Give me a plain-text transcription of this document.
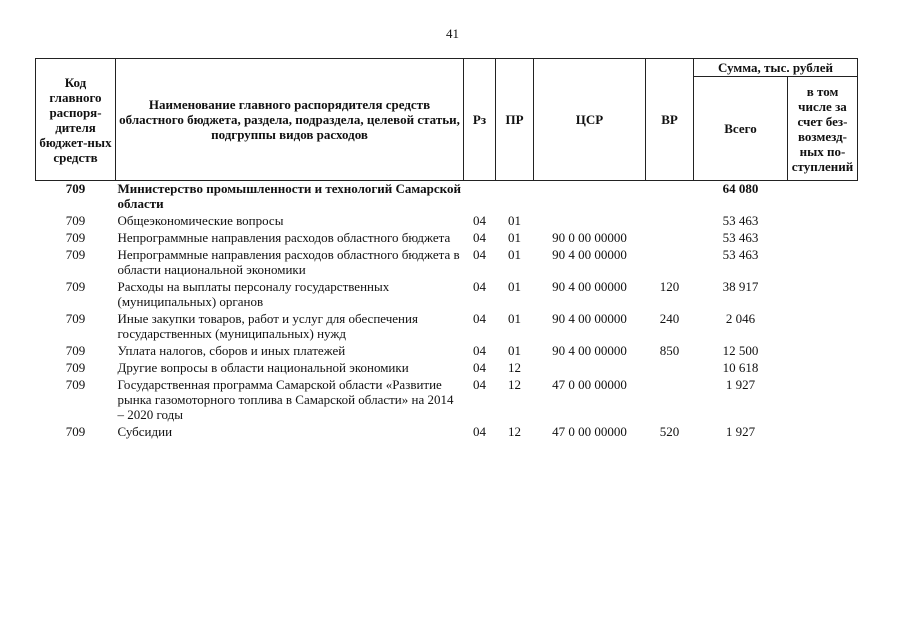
41
Код главного распоря-дителя бюджет-ных средств	Наименование главного распорядителя средств областного бюджета, раздела, подраздела, целевой статьи, подгруппы видов расходов	Рз	ПР	ЦСР	ВР	Сумма, тыс. рублей	
						Всего	в том числе за счет без-возмезд-ных по-ступлений
709	Министерство промышленности и технологий Самарской области					64 080	
709	Общеэкономические вопросы	04	01			53 463	
709	Непрограммные направления расходов областного бюджета	04	01	90 0 00 00000		53 463	
709	Непрограммные направления расходов областного бюджета в области национальной экономики	04	01	90 4 00 00000		53 463	
709	Расходы на выплаты персоналу государственных (муниципальных) органов	04	01	90 4 00 00000	120	38 917	
709	Иные закупки товаров, работ и услуг для обеспечения государственных (муниципальных) нужд	04	01	90 4 00 00000	240	2 046	
709	Уплата налогов, сборов и иных платежей	04	01	90 4 00 00000	850	12 500	
709	Другие вопросы в области национальной экономики	04	12			10 618	
709	Государственная программа Самарской области «Развитие рынка газомоторного топлива в Самарской области» на 2014 – 2020 годы	04	12	47 0 00 00000		1 927	
709	Субсидии	04	12	47 0 00 00000	520	1 927	
